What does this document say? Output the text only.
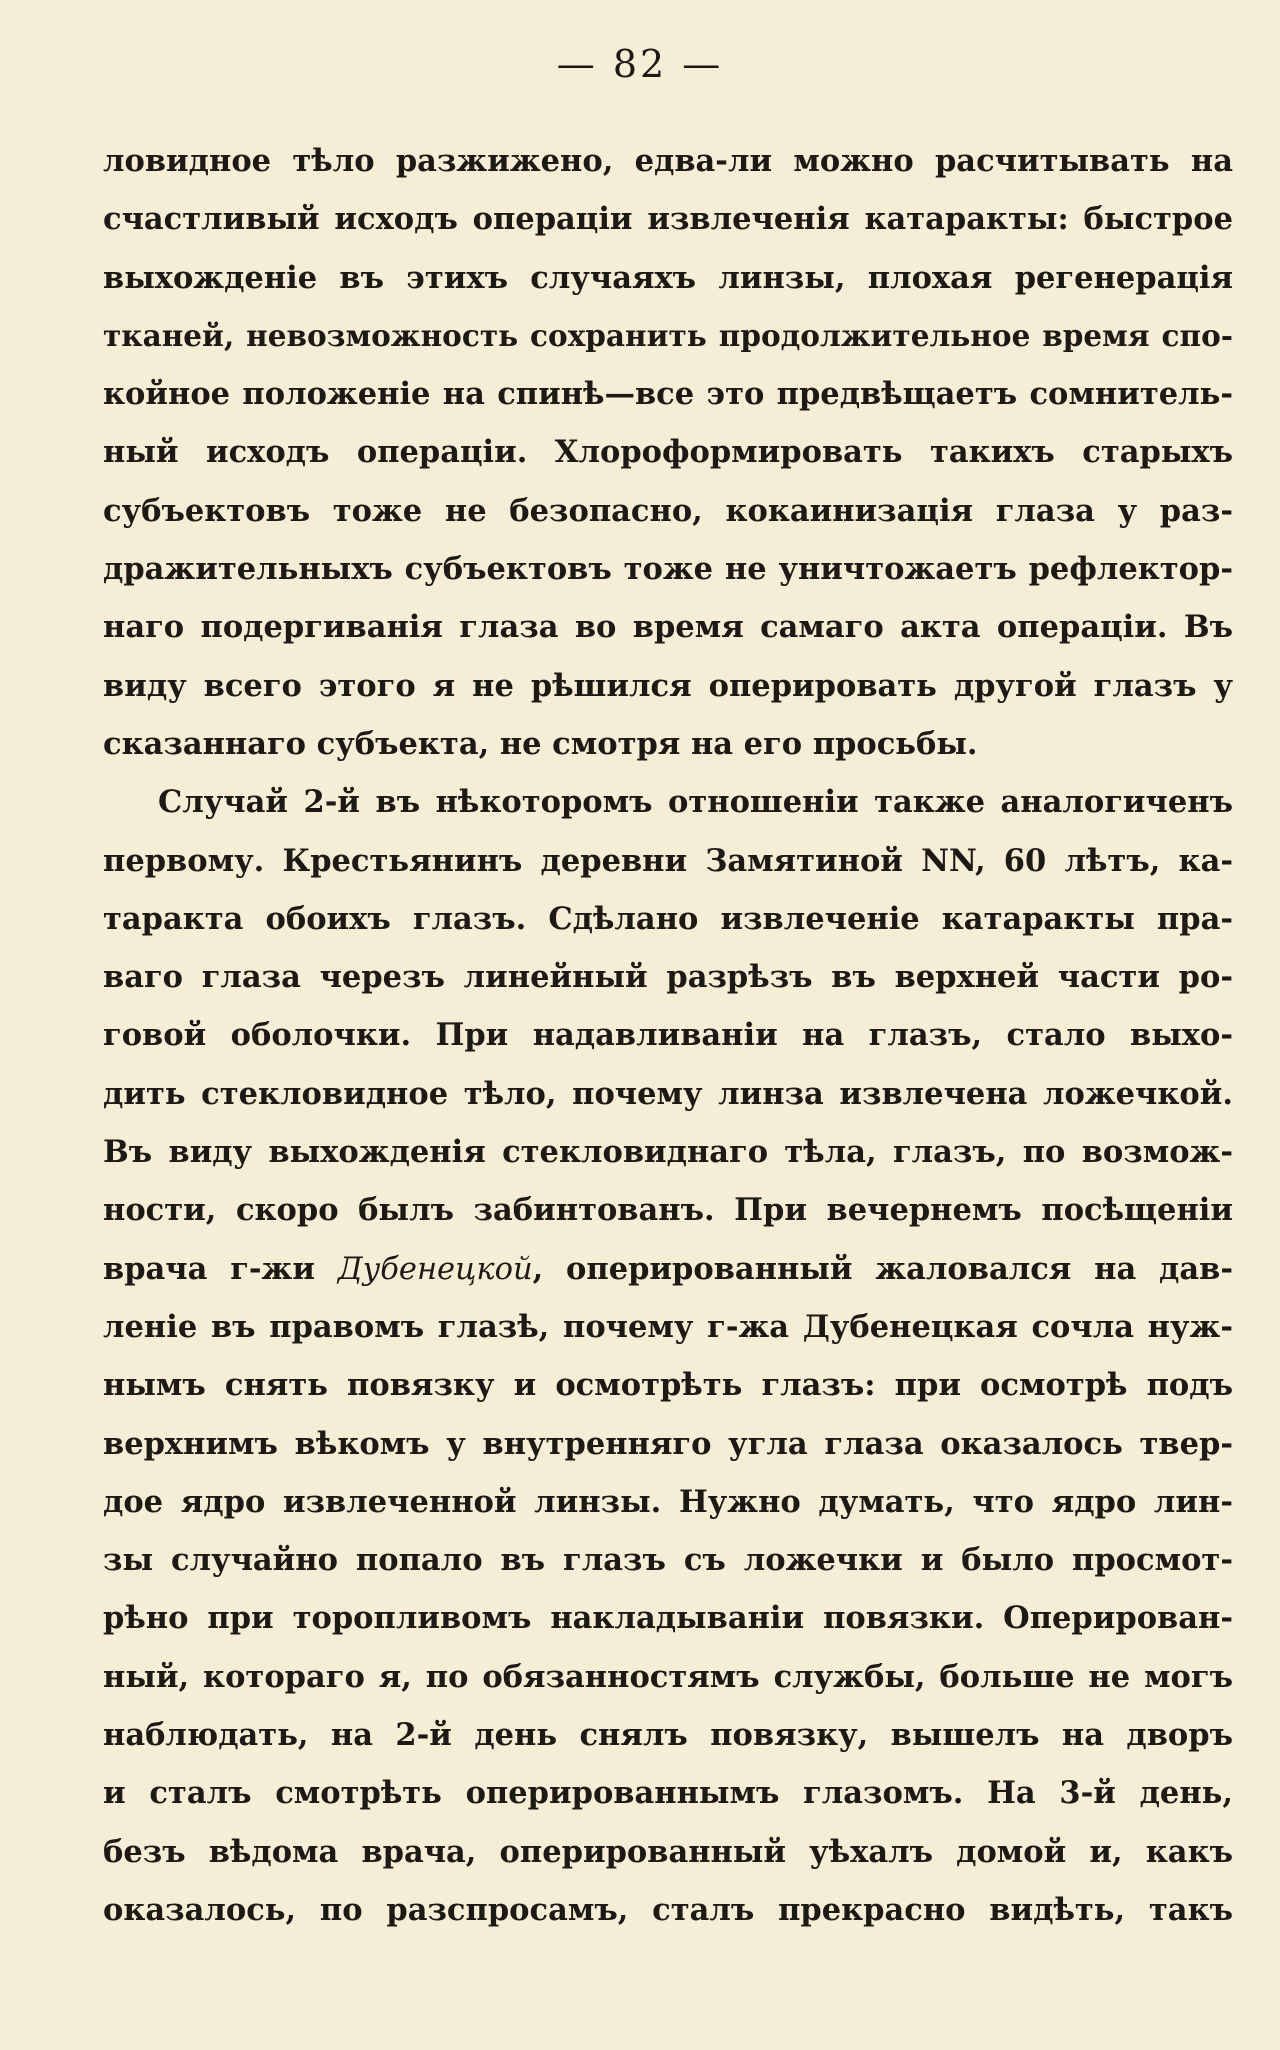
— 82 —
ловидное тѣло разжижено, едва-ли можно расчитывать на
счастливый исходъ операціи извлеченія катаракты: быстрое
выхожденіе въ этихъ случаяхъ линзы, плохая регенерація
тканей, невозможность сохранить продолжительное время спо-
койное положеніе на спинѣ—все это предвѣщаетъ сомнитель-
ный исходъ операціи. Хлороформировать такихъ старыхъ
субъектовъ тоже не безопасно, кокаинизація глаза у раз-
дражительныхъ субъектовъ тоже не уничтожаетъ рефлектор-
наго подергиванія глаза во время самаго акта операціи. Въ
виду всего этого я не рѣшился оперировать другой глазъ у
сказаннаго субъекта, не смотря на его просьбы.
Случай 2-й въ нѣкоторомъ отношеніи также аналогиченъ
первому. Крестьянинъ деревни Замятиной NN, 60 лѣтъ, ка-
таракта обоихъ глазъ. Сдѣлано извлеченіе катаракты пра-
ваго глаза черезъ линейный разрѣзъ въ верхней части ро-
говой оболочки. При надавливаніи на глазъ, стало выхо-
дить стекловидное тѣло, почему линза извлечена ложечкой.
Въ виду выхожденія стекловиднаго тѣла, глазъ, по возмож-
ности, скоро былъ забинтованъ. При вечернемъ посѣщеніи
врача г-жи Дубенецкой, оперированный жаловался на дав-
леніе въ правомъ глазѣ, почему г-жа Дубенецкая сочла нуж-
нымъ снять повязку и осмотрѣть глазъ: при осмотрѣ подъ
верхнимъ вѣкомъ у внутренняго угла глаза оказалось твер-
дое ядро извлеченной линзы. Нужно думать, что ядро лин-
зы случайно попало въ глазъ съ ложечки и было просмот-
рѣно при торопливомъ накладываніи повязки. Оперирован-
ный, котораго я, по обязанностямъ службы, больше не могъ
наблюдать, на 2-й день снялъ повязку, вышелъ на дворъ
и сталъ смотрѣть оперированнымъ глазомъ. На 3-й день,
безъ вѣдома врача, оперированный уѣхалъ домой и, какъ
оказалось, по разспросамъ, сталъ прекрасно видѣть, такъ
